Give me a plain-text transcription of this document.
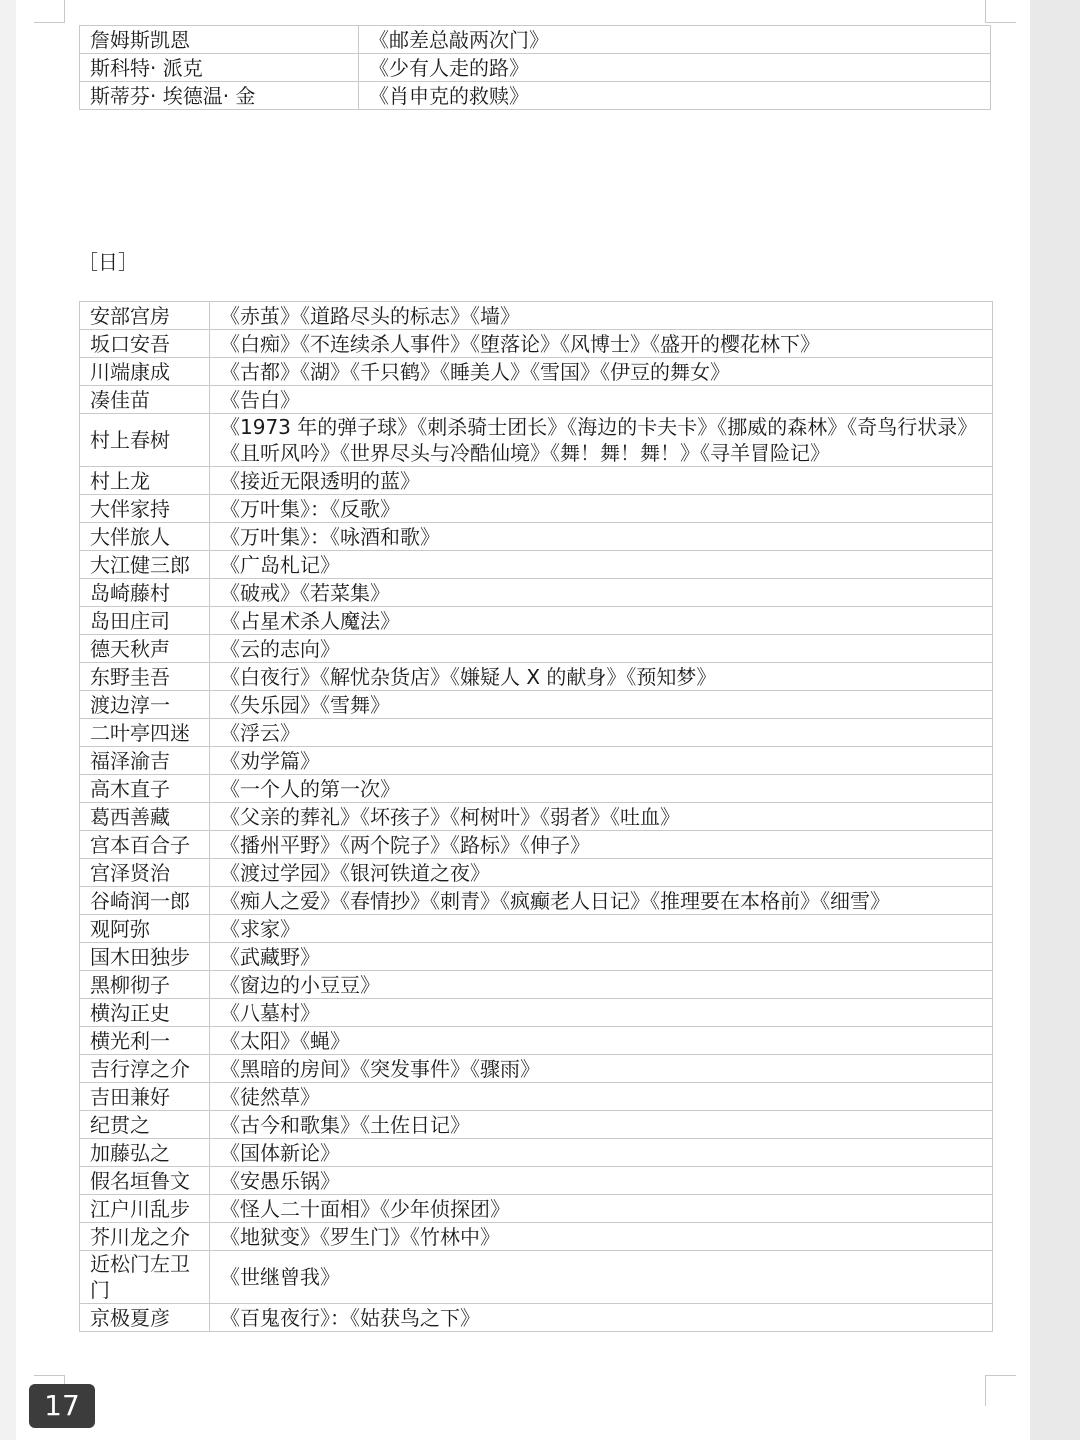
詹姆斯凯恩	《邮差总敲两次门》
斯科特· 派克	《少有人走的路》
斯蒂芬· 埃德温· 金	《肖申克的救赎》
［日］
安部宫房	《赤茧》《道路尽头的标志》《墙》
坂口安吾	《白痴》《不连续杀人事件》《堕落论》《风博士》《盛开的樱花林下》
川端康成	《古都》《湖》《千只鹤》《睡美人》《雪国》《伊豆的舞女》
凑佳苗	《告白》
村上春树	《1973 年的弹子球》《刺杀骑士团长》《海边的卡夫卡》《挪威的森林》《奇鸟行状录》《且听风吟》《世界尽头与冷酷仙境》《舞！舞！舞！》《寻羊冒险记》
村上龙	《接近无限透明的蓝》
大伴家持	《万叶集》：《反歌》
大伴旅人	《万叶集》：《咏酒和歌》
大江健三郎	《广岛札记》
岛崎藤村	《破戒》《若菜集》
岛田庄司	《占星术杀人魔法》
德天秋声	《云的志向》
东野圭吾	《白夜行》《解忧杂货店》《嫌疑人 X 的献身》《预知梦》
渡边淳一	《失乐园》《雪舞》
二叶亭四迷	《浮云》
福泽渝吉	《劝学篇》
高木直子	《一个人的第一次》
葛西善藏	《父亲的葬礼》《坏孩子》《柯树叶》《弱者》《吐血》
宫本百合子	《播州平野》《两个院子》《路标》《伸子》
宫泽贤治	《渡过学园》《银河铁道之夜》
谷崎润一郎	《痴人之爱》《春情抄》《刺青》《疯癫老人日记》《推理要在本格前》《细雪》
观阿弥	《求家》
国木田独步	《武藏野》
黑柳彻子	《窗边的小豆豆》
横沟正史	《八墓村》
横光利一	《太阳》《蝇》
吉行淳之介	《黑暗的房间》《突发事件》《骤雨》
吉田兼好	《徒然草》
纪贯之	《古今和歌集》《土佐日记》
加藤弘之	《国体新论》
假名垣鲁文	《安愚乐锅》
江户川乱步	《怪人二十面相》《少年侦探团》
芥川龙之介	《地狱变》《罗生门》《竹林中》
近松门左卫门	《世继曾我》
京极夏彦	《百鬼夜行》：《姑获鸟之下》
17
